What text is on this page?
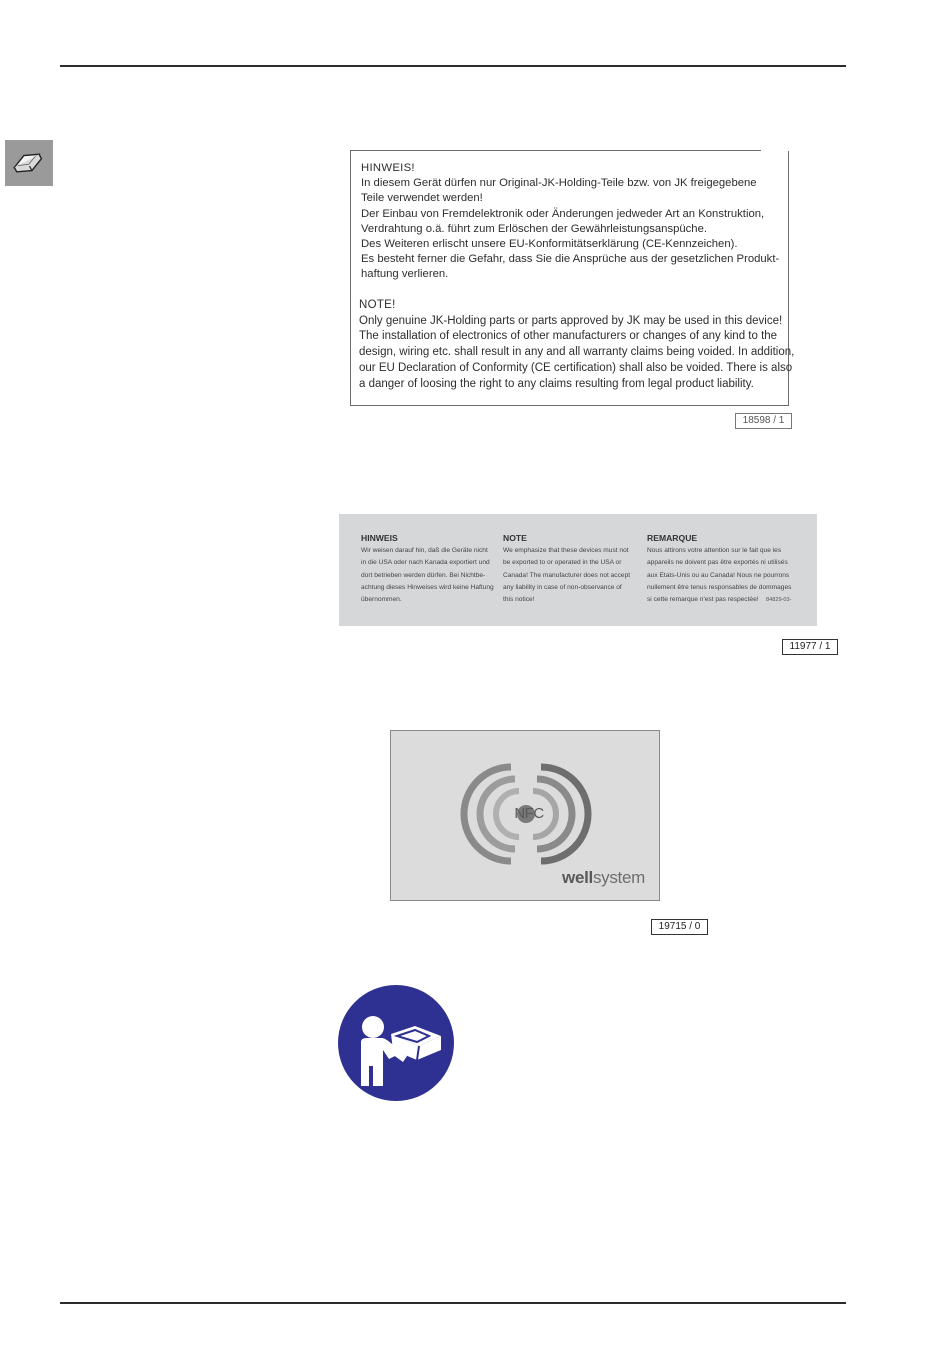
HINWEIS!
In diesem Gerät dürfen nur Original-JK-Holding-Teile bzw. von JK freigegebene
Teile verwendet werden!
Der Einbau von Fremdelektronik oder Änderungen jedweder Art an Konstruktion,
Verdrahtung o.ä. führt zum Erlöschen der Gewährleistungsanspüche.
Des Weiteren erlischt unsere EU-Konformitätserklärung (CE-Kennzeichen).
Es besteht ferner die Gefahr, dass Sie die Ansprüche aus der gesetzlichen Produkt-
haftung verlieren.
NOTE!
Only genuine JK-Holding parts or parts approved by JK may be used in this device!
The installation of electronics of other manufacturers or changes of any kind to the
design, wiring etc. shall result in any and all warranty claims being voided. In addition,
our EU Declaration of Conformity (CE certification) shall also be voided. There is also
a danger of loosing the right to any claims resulting from legal product liability.
18598 / 1
HINWEIS
Wir weisen darauf hin, daß die Geräte nicht
in die USA oder nach Kanada exportiert und
dort betrieben werden dürfen. Bei Nichtbe-
achtung dieses Hinweises wird keine Haftung
übernommen.
NOTE
We emphasize that these devices must not
be exported to or operated in the USA or
Canada! The manufacturer does not accept
any liability in case of non-observance of
this notice!
REMARQUE
Nous attirons votre attention sur le fait que les
appareils ne doivent pas être exportés ni utilisés
aux Etats-Unis ou au Canada! Nous ne pourrons
nullement être tenus responsables de dommages
si cette remarque n'est pas respectée!	84829-03-
11977 / 1
NFC
wellsystem
19715 / 0
